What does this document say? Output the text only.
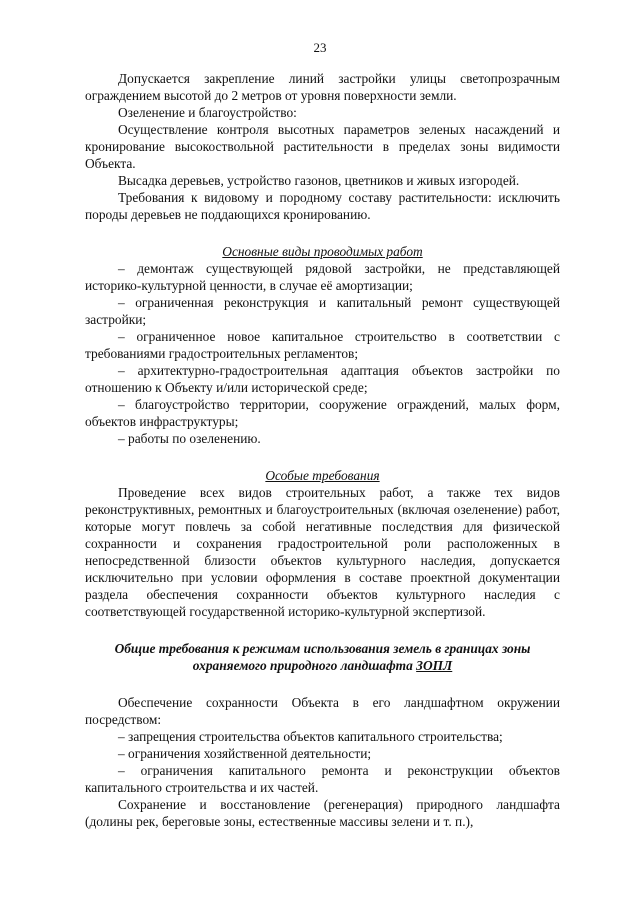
23

Допускается закрепление линий застройки улицы светопрозрачным ограждением высотой до 2 метров от уровня поверхности земли.

Озеленение и благоустройство:

Осуществление контроля высотных параметров зеленых насаждений и кронирование высокоствольной растительности в пределах зоны видимости Объекта.

Высадка деревьев, устройство газонов, цветников и живых изгородей.

Требования к видовому и породному составу растительности: исключить породы деревьев не поддающихся кронированию.

Основные виды проводимых работ

– демонтаж существующей рядовой застройки, не представляющей историко-культурной ценности, в случае её амортизации;

– ограниченная реконструкция и капитальный ремонт существующей застройки;

– ограниченное новое капитальное строительство в соответствии с требованиями градостроительных регламентов;

– архитектурно-градостроительная адаптация объектов застройки по отношению к Объекту и/или исторической среде;

– благоустройство территории, сооружение ограждений, малых форм, объектов инфраструктуры;

– работы по озеленению.

Особые требования

Проведение всех видов строительных работ, а также тех видов реконструктивных, ремонтных и благоустроительных (включая озеленение) работ, которые могут повлечь за собой негативные последствия для физической сохранности и сохранения градостроительной роли расположенных в непосредственной близости объектов культурного наследия, допускается исключительно при условии оформления в составе проектной документации раздела обеспечения сохранности объектов культурного наследия с соответствующей государственной историко-культурной экспертизой.

Общие требования к режимам использования земель в границах зоны
охраняемого природного ландшафта ЗОПЛ

Обеспечение сохранности Объекта в его ландшафтном окружении посредством:

– запрещения строительства объектов капитального строительства;

– ограничения хозяйственной деятельности;

– ограничения капитального ремонта и реконструкции объектов капитального строительства и их частей.

Сохранение и восстановление (регенерация) природного ландшафта (долины рек, береговые зоны, естественные массивы зелени и т. п.),
